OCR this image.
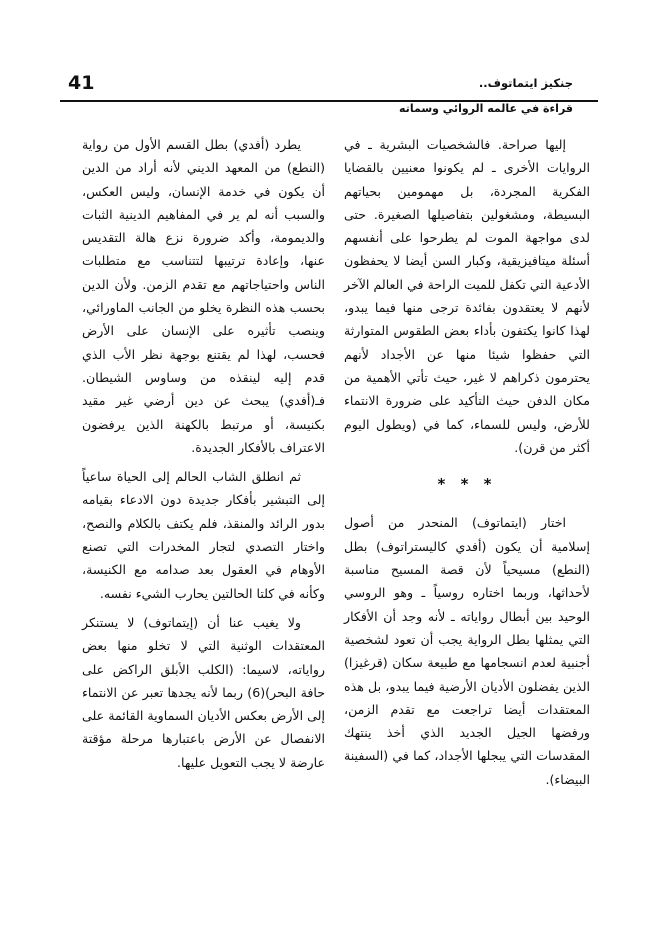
41	جنكيز ايتماتوف..
قراءة في عالمه الروائي وسماته

إليها صراحة. فالشخصيات البشرية ـ في الروايات الأخرى ـ لم يكونوا معنيين بالقضايا الفكرية المجردة، بل مهمومين بحياتهم البسيطة، ومشغولين بتفاصيلها الصغيرة. حتى لدى مواجهة الموت لم يطرحوا على أنفسهم أسئلة ميتافيزيقية، وكبار السن أيضا لا يحفظون الأدعية التي تكفل للميت الراحة في العالم الآخر لأنهم لا يعتقدون بفائدة ترجى منها فيما يبدو، لهذا كانوا يكتفون بأداء بعض الطقوس المتوارثة التي حفظوا شيئا منها عن الأجداد لأنهم يحترمون ذكراهم لا غير، حيث تأتي الأهمية من مكان الدفن حيث التأكيد على ضرورة الانتماء للأرض، وليس للسماء، كما في (ويطول اليوم أكثر من قرن).

* * *

اختار (ايتماتوف) المنحدر من أصول إسلامية أن يكون (أفدي كاليستراتوف) بطل (النطع) مسيحياً لأن قصة المسيح مناسبة لأحداثها، وربما اختاره روسياً ـ وهو الروسي الوحيد بين أبطال رواياته ـ لأنه وجد أن الأفكار التي يمثلها بطل الرواية يجب أن تعود لشخصية أجنبية لعدم انسجامها مع طبيعة سكان (قرغيزا) الذين يفضلون الأديان الأرضية فيما يبدو، بل هذه المعتقدات أيضا تراجعت مع تقدم الزمن، ورفضها الجيل الجديد الذي أخذ ينتهك المقدسات التي يبجلها الأجداد، كما في (السفينة البيضاء).

يطرد (أفدي) بطل القسم الأول من رواية (النطع) من المعهد الديني لأنه أراد من الدين أن يكون في خدمة الإنسان، وليس العكس، والسبب أنه لم ير في المفاهيم الدينية الثبات والديمومة، وأكد ضرورة نزع هالة التقديس عنها، وإعادة ترتيبها لتتناسب مع متطلبات الناس واحتياجاتهم مع تقدم الزمن. ولأن الدين بحسب هذه النظرة يخلو من الجانب الماورائي، وينصب تأثيره على الإنسان على الأرض فحسب، لهذا لم يقتنع بوجهة نظر الأب الذي قدم إليه لينقذه من وساوس الشيطان. فـ(أفدي) يبحث عن دين أرضي غير مقيد بكنيسة، أو مرتبط بالكهنة الذين يرفضون الاعتراف بالأفكار الجديدة.

ثم انطلق الشاب الحالم إلى الحياة ساعياً إلى التبشير بأفكار جديدة دون الادعاء بقيامه بدور الرائد والمنقذ، فلم يكتف بالكلام والنصح، واختار التصدي لتجار المخدرات التي تصنع الأوهام في العقول بعد صدامه مع الكنيسة، وكأنه في كلتا الحالتين يحارب الشيء نفسه.

ولا يغيب عنا أن (إيتماتوف) لا يستنكر المعتقدات الوثنية التي لا تخلو منها بعض رواياته، لاسيما: (الكلب الأبلق الراكض على حافة البحر)(6) ربما لأنه يجدها تعبر عن الانتماء إلى الأرض بعكس الأديان السماوية القائمة على الانفصال عن الأرض باعتبارها مرحلة مؤقتة عارضة لا يجب التعويل عليها.
